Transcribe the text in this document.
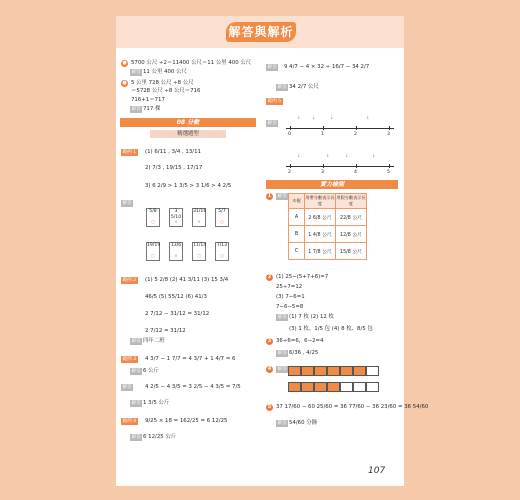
解答與解析
● 5700 公尺 ÷2＝11400 公尺＝11 公里 400 公尺
解答 11 公里 400 公尺
● 5 公里 728 公尺 ÷8 公尺
＝5728 公尺 ÷8 公尺＝716
716+1＝717
解答 717 棵
08 分數
精選題型
範例 1 (1) 6/11 , 3/4 , 13/11
2) 7/3 , 19/15 , 17/17
3) 6 2/9 > 1 3/5 > 3 1/6 > 4 2/5
解答
5/8
○
3 5/10
×
31/16
×
5/7
○
19/19
○
13/6
×
11/14
○
7/13
○
範例 2 (1) 5 2/8 (2) 41 3/11 (3) 15 3/4
46/5 (5) 55/12 (6) 41/3
2 7/12 − 31/12 = 31/12
2 7/12 = 31/12
解答 四年二班
範例 3 4 3/7 − 1 7/7 = 4 3/7 + 1 4/7 = 6
解答 6 公斤
解答 4 2/5 − 4 3/5 = 3 2/5 − 4 3/5 = 7/5
解答 1 3/5 公斤
範例 4 9/25 × 18 = 162/25 = 6 12/25
解答 6 12/25 公斤
解答 9 4/7 − 4 × 32 ÷ 16/7 − 34 2/7
解答 34 2/7 公尺
範例 5
解答
0	1	2	3
↓ ↓	↓	↓
2	3	4	5
↓	↓	↓	↓
實力檢測
1	解答
木棍	用帶分數表示長度	用假分數表示長度
A	2 6/8 公尺	22/8 公尺
B	1 4/8 公尺	12/8 公尺
C	1 7/8 公尺	15/8 公尺
2 (1) 25−(5+7+6)=7
25÷7=12
(3) 7−6=1
7−6−5=8
解答 (1) 7 枚 (2) 12 枚
(3) 1 枚、1/5 包 (4) 8 枚、8/5 包
3 36÷6=6，6−2=4
解答 6/36 , 4/25
4	解答
5 37 17/60 − 60 25/60 = 36 77/60 − 36 23/60 = 36 54/60
解答 54/60 分鐘
107
